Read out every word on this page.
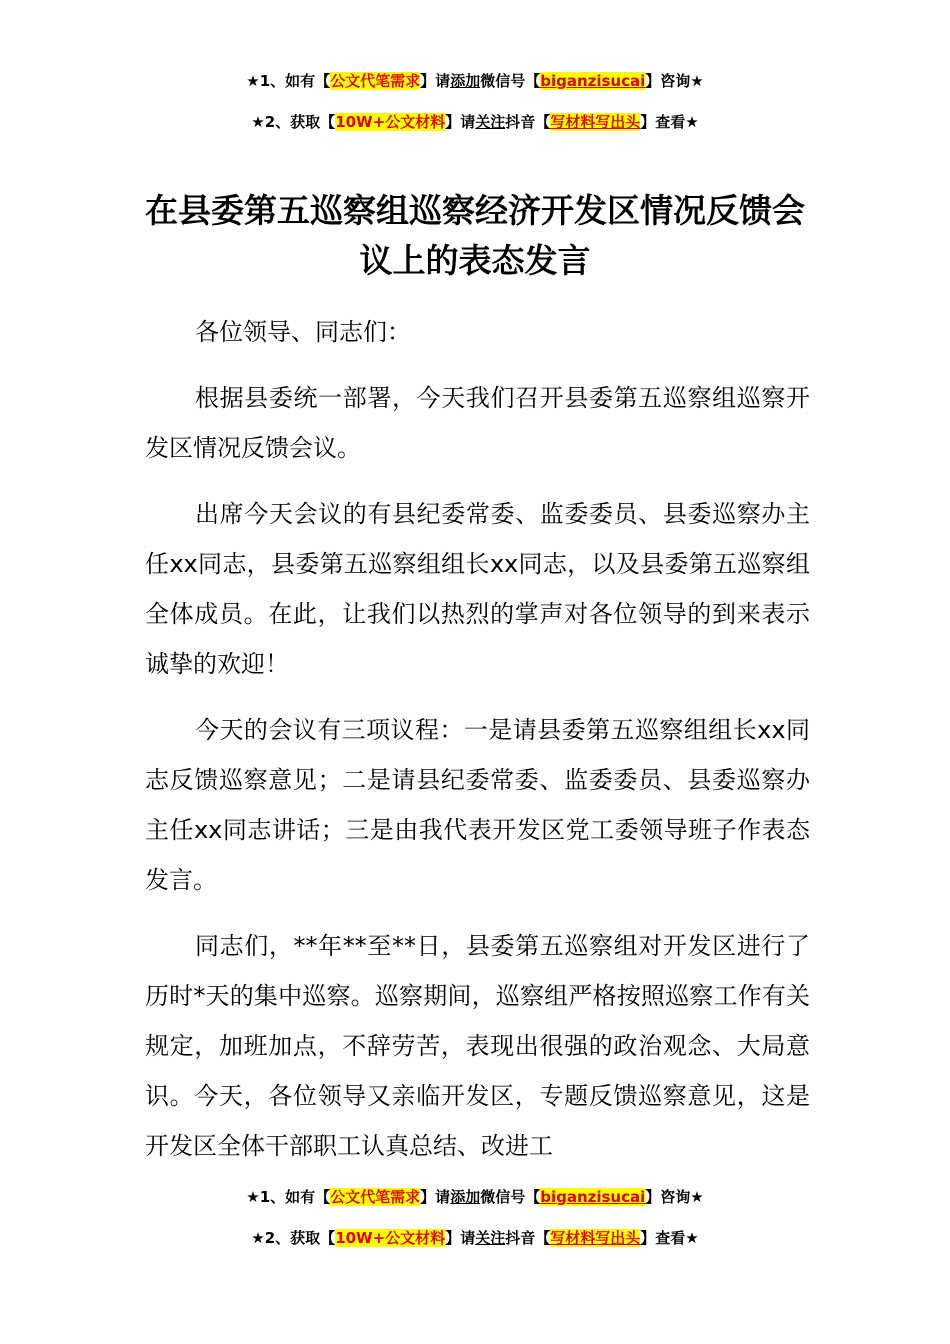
★1、如有【公文代笔需求】请添加微信号【biganzisucai】咨询★
★2、获取【10W+公文材料】请关注抖音【写材料写出头】查看★
在县委第五巡察组巡察经济开发区情况反馈会议上的表态发言

各位领导、同志们：

根据县委统一部署，今天我们召开县委第五巡察组巡察开发区情况反馈会议。

出席今天会议的有县纪委常委、监委委员、县委巡察办主任xx同志，县委第五巡察组组长xx同志，以及县委第五巡察组全体成员。在此，让我们以热烈的掌声对各位领导的到来表示诚挚的欢迎！

今天的会议有三项议程：一是请县委第五巡察组组长xx同志反馈巡察意见；二是请县纪委常委、监委委员、县委巡察办主任xx同志讲话；三是由我代表开发区党工委领导班子作表态发言。

同志们，**年**至**日，县委第五巡察组对开发区进行了历时*天的集中巡察。巡察期间，巡察组严格按照巡察工作有关规定，加班加点，不辞劳苦，表现出很强的政治观念、大局意识。今天，各位领导又亲临开发区，专题反馈巡察意见，这是开发区全体干部职工认真总结、改进工

★1、如有【公文代笔需求】请添加微信号【biganzisucai】咨询★
★2、获取【10W+公文材料】请关注抖音【写材料写出头】查看★
